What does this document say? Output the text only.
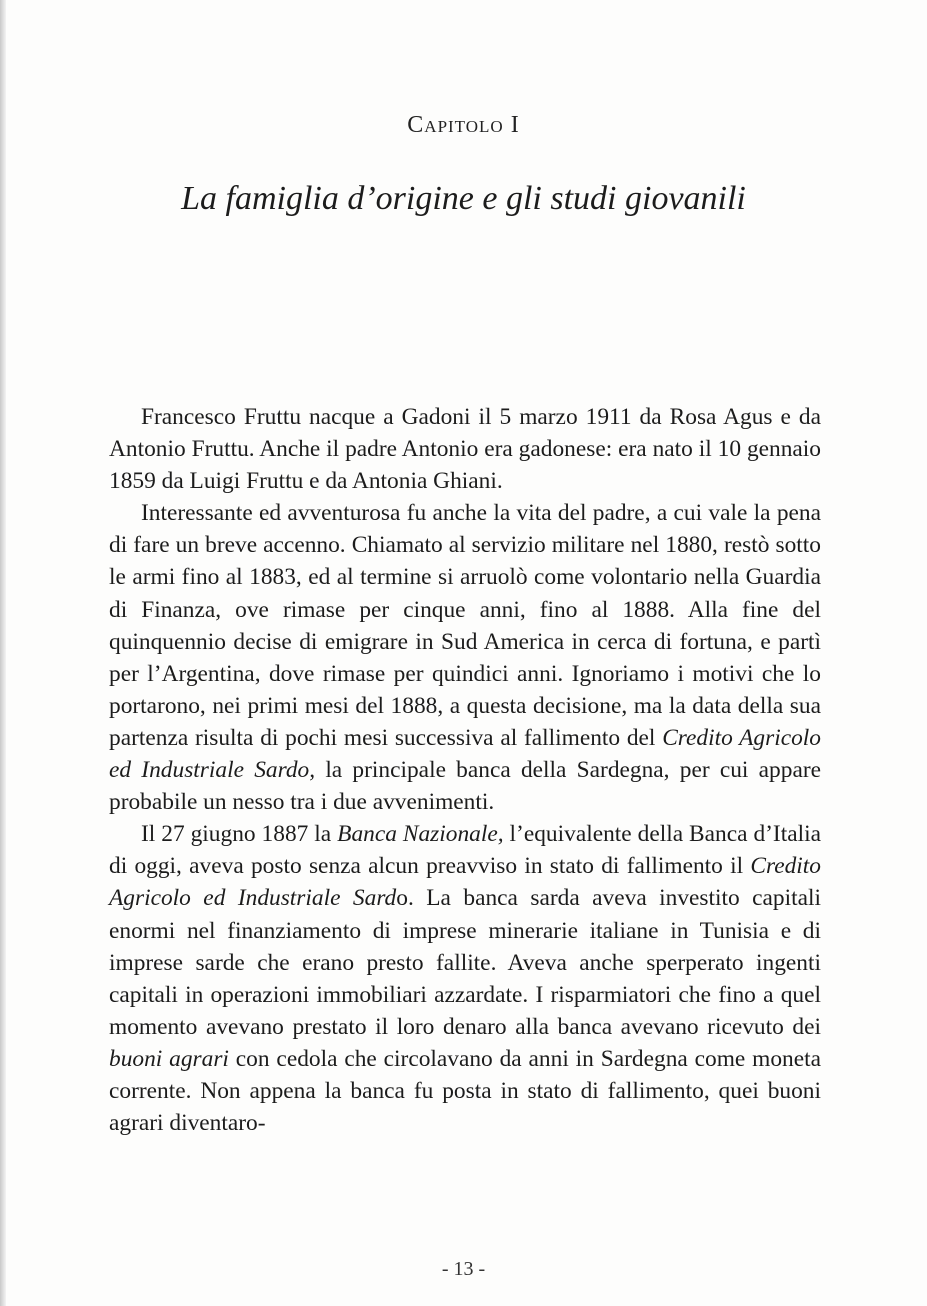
Capitolo I
La famiglia d’origine e gli studi giovanili

Francesco Fruttu nacque a Gadoni il 5 marzo 1911 da Rosa Agus e da Antonio Fruttu. Anche il padre Antonio era gadonese: era nato il 10 gennaio 1859 da Luigi Fruttu e da Antonia Ghiani.

Interessante ed avventurosa fu anche la vita del padre, a cui vale la pena di fare un breve accenno. Chiamato al servizio militare nel 1880, restò sotto le armi fino al 1883, ed al termine si arruolò come volontario nella Guardia di Finanza, ove rimase per cinque anni, fino al 1888. Alla fine del quinquennio decise di emigrare in Sud America in cerca di fortuna, e partì per l’Argentina, dove rimase per quindici anni. Ignoriamo i motivi che lo portarono, nei primi mesi del 1888, a questa decisione, ma la data della sua partenza risulta di pochi mesi successiva al fallimento del Credito Agricolo ed Industriale Sardo, la principale banca della Sardegna, per cui appare probabile un nesso tra i due avvenimenti.

Il 27 giugno 1887 la Banca Nazionale, l’equivalente della Banca d’Italia di oggi, aveva posto senza alcun preavviso in stato di fallimento il Credito Agricolo ed Industriale Sardo. La banca sarda aveva investito capitali enormi nel finanziamento di imprese minerarie italiane in Tunisia e di imprese sarde che erano presto fallite. Aveva anche sperperato ingenti capitali in operazioni immobiliari azzardate. I risparmiatori che fino a quel momento avevano prestato il loro denaro alla banca avevano ricevuto dei buoni agrari con cedola che circolavano da anni in Sardegna come moneta corrente. Non appena la banca fu posta in stato di fallimento, quei buoni agrari diventaro-

- 13 -
